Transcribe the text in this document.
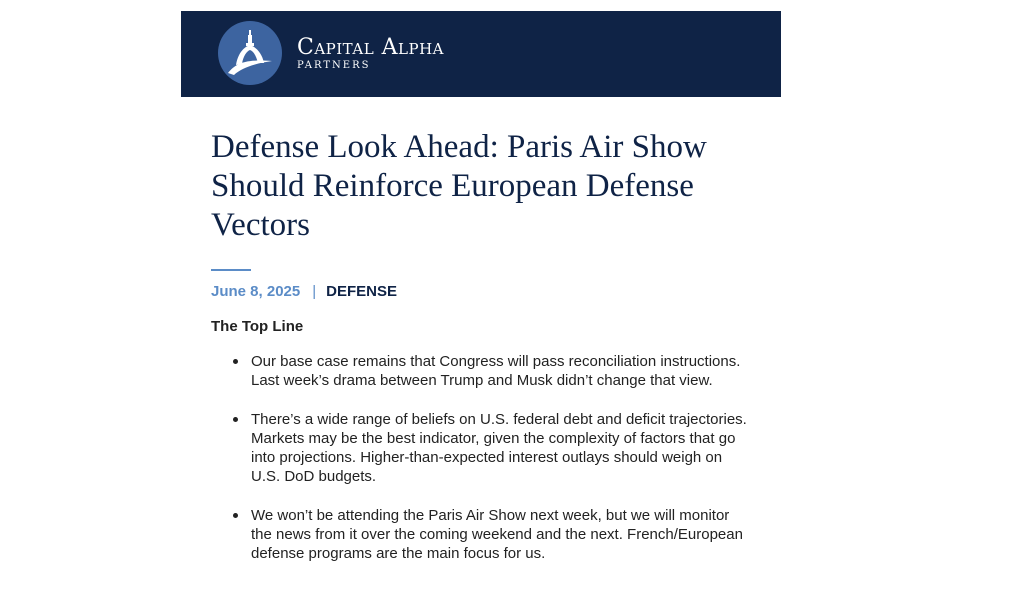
Capital Alpha
PARTNERS
Defense Look Ahead: Paris Air Show Should Reinforce European Defense Vectors
June 8, 2025 | DEFENSE
The Top Line
Our base case remains that Congress will pass reconciliation instructions. Last week’s drama between Trump and Musk didn’t change that view.
There’s a wide range of beliefs on U.S. federal debt and deficit trajectories. Markets may be the best indicator, given the complexity of factors that go into projections. Higher-than-expected interest outlays should weigh on U.S. DoD budgets.
We won’t be attending the Paris Air Show next week, but we will monitor the news from it over the coming weekend and the next. French/European defense programs are the main focus for us.
